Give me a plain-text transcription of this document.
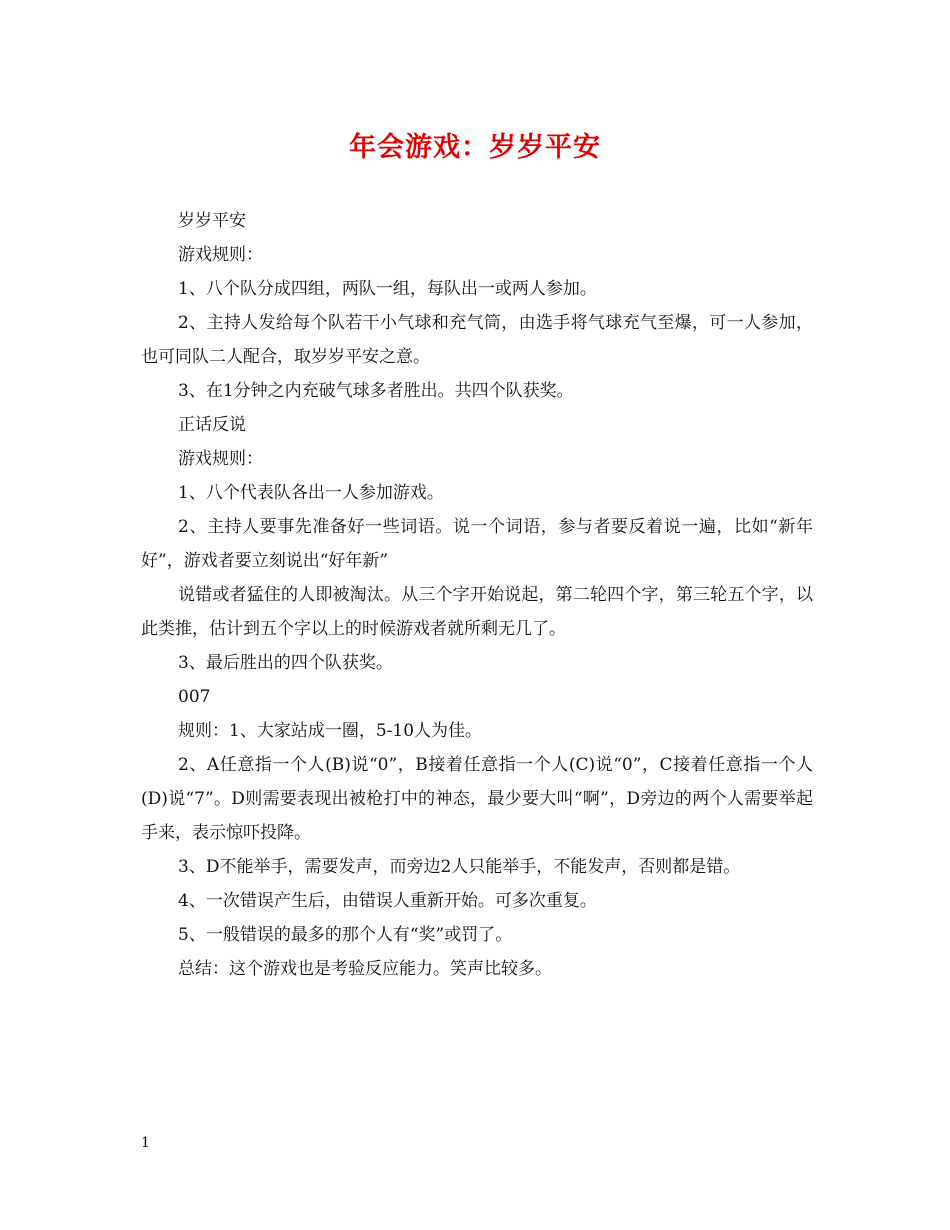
年会游戏：岁岁平安

岁岁平安

游戏规则：

1、八个队分成四组，两队一组，每队出一或两人参加。

2、主持人发给每个队若干小气球和充气筒，由选手将气球充气至爆，可一人参加，也可同队二人配合，取岁岁平安之意。

3、在1分钟之内充破气球多者胜出。共四个队获奖。

正话反说

游戏规则：

1、八个代表队各出一人参加游戏。

2、主持人要事先准备好一些词语。说一个词语，参与者要反着说一遍，比如“新年好”，游戏者要立刻说出“好年新”

说错或者猛住的人即被淘汰。从三个字开始说起，第二轮四个字，第三轮五个字，以此类推，估计到五个字以上的时候游戏者就所剩无几了。

3、最后胜出的四个队获奖。

007

规则：1、大家站成一圈，5-10人为佳。

2、A任意指一个人(B)说“0”，B接着任意指一个人(C)说“0”，C接着任意指一个人(D)说“7”。D则需要表现出被枪打中的神态，最少要大叫“啊”，D旁边的两个人需要举起手来，表示惊吓投降。

3、D不能举手，需要发声，而旁边2人只能举手，不能发声，否则都是错。

4、一次错误产生后，由错误人重新开始。可多次重复。

5、一般错误的最多的那个人有“奖”或罚了。

总结：这个游戏也是考验反应能力。笑声比较多。

1
